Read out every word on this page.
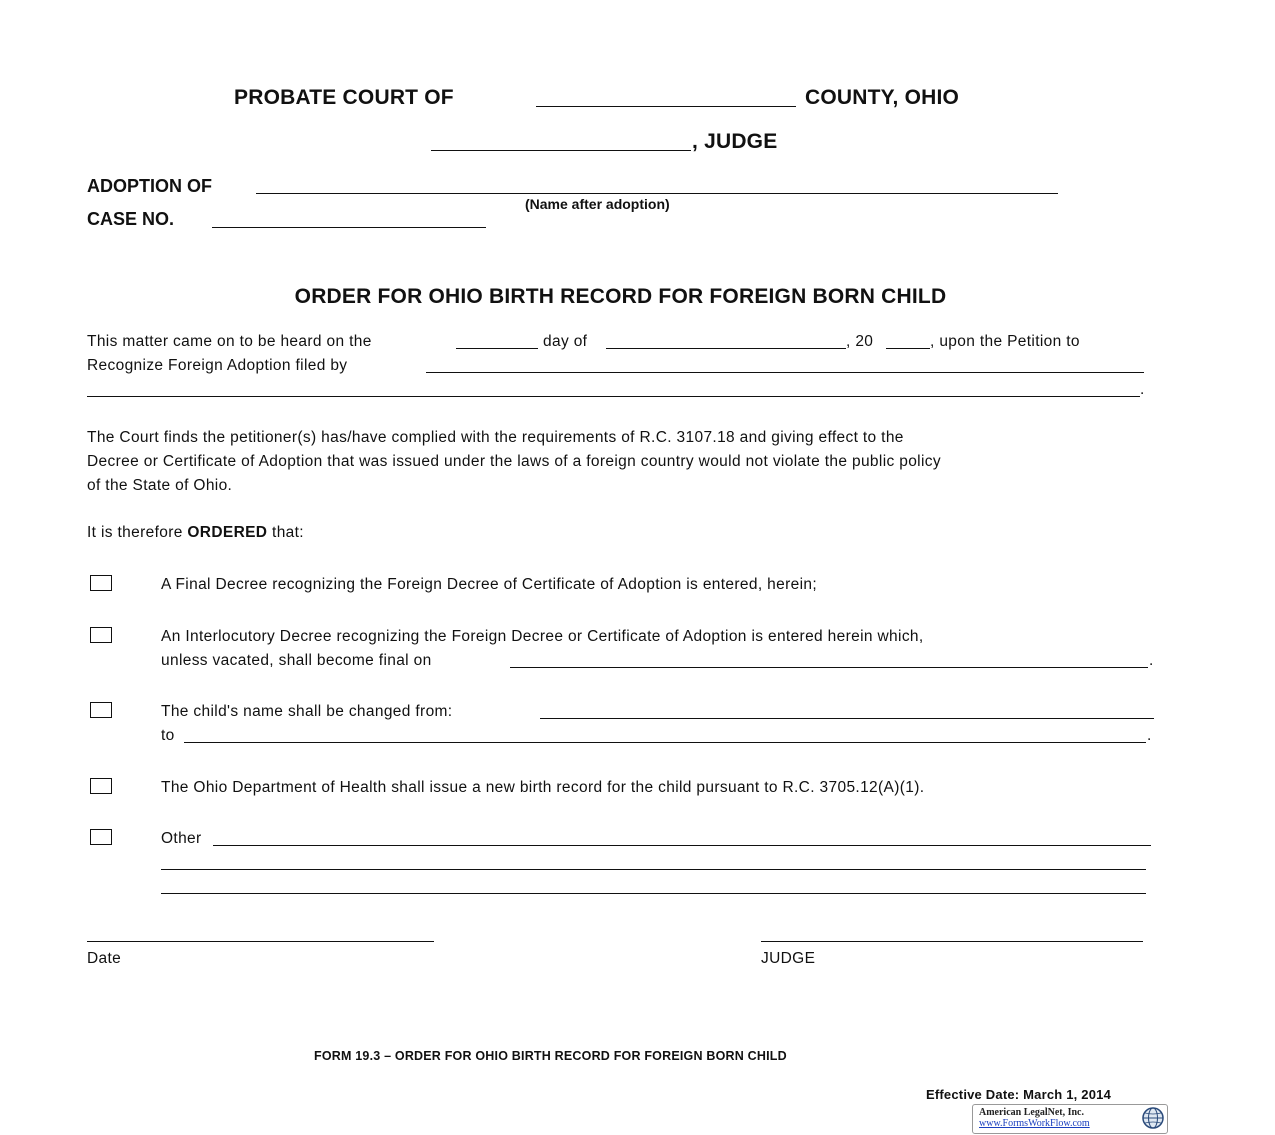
PROBATE COURT OF	COUNTY, OHIO
, JUDGE
ADOPTION OF
(Name after adoption)
CASE NO.
ORDER FOR OHIO BIRTH RECORD FOR FOREIGN BORN CHILD
This matter came on to be heard on the	day of	, 20	, upon the Petition to
Recognize Foreign Adoption filed by
.
The Court finds the petitioner(s) has/have complied with the requirements of R.C. 3107.18 and giving effect to the
Decree or Certificate of Adoption that was issued under the laws of a foreign country would not violate the public policy
of the State of Ohio.
It is therefore ORDERED that:
A Final Decree recognizing the Foreign Decree of Certificate of Adoption is entered, herein;
An Interlocutory Decree recognizing the Foreign Decree or Certificate of Adoption is entered herein which,
unless vacated, shall become final on	.
The child's name shall be changed from:
to	.
The Ohio Department of Health shall issue a new birth record for the child pursuant to R.C. 3705.12(A)(1).
Other
Date	JUDGE
FORM 19.3 – ORDER FOR OHIO BIRTH RECORD FOR FOREIGN BORN CHILD
Effective Date: March 1, 2014
American LegalNet, Inc.
www.FormsWorkFlow.com
